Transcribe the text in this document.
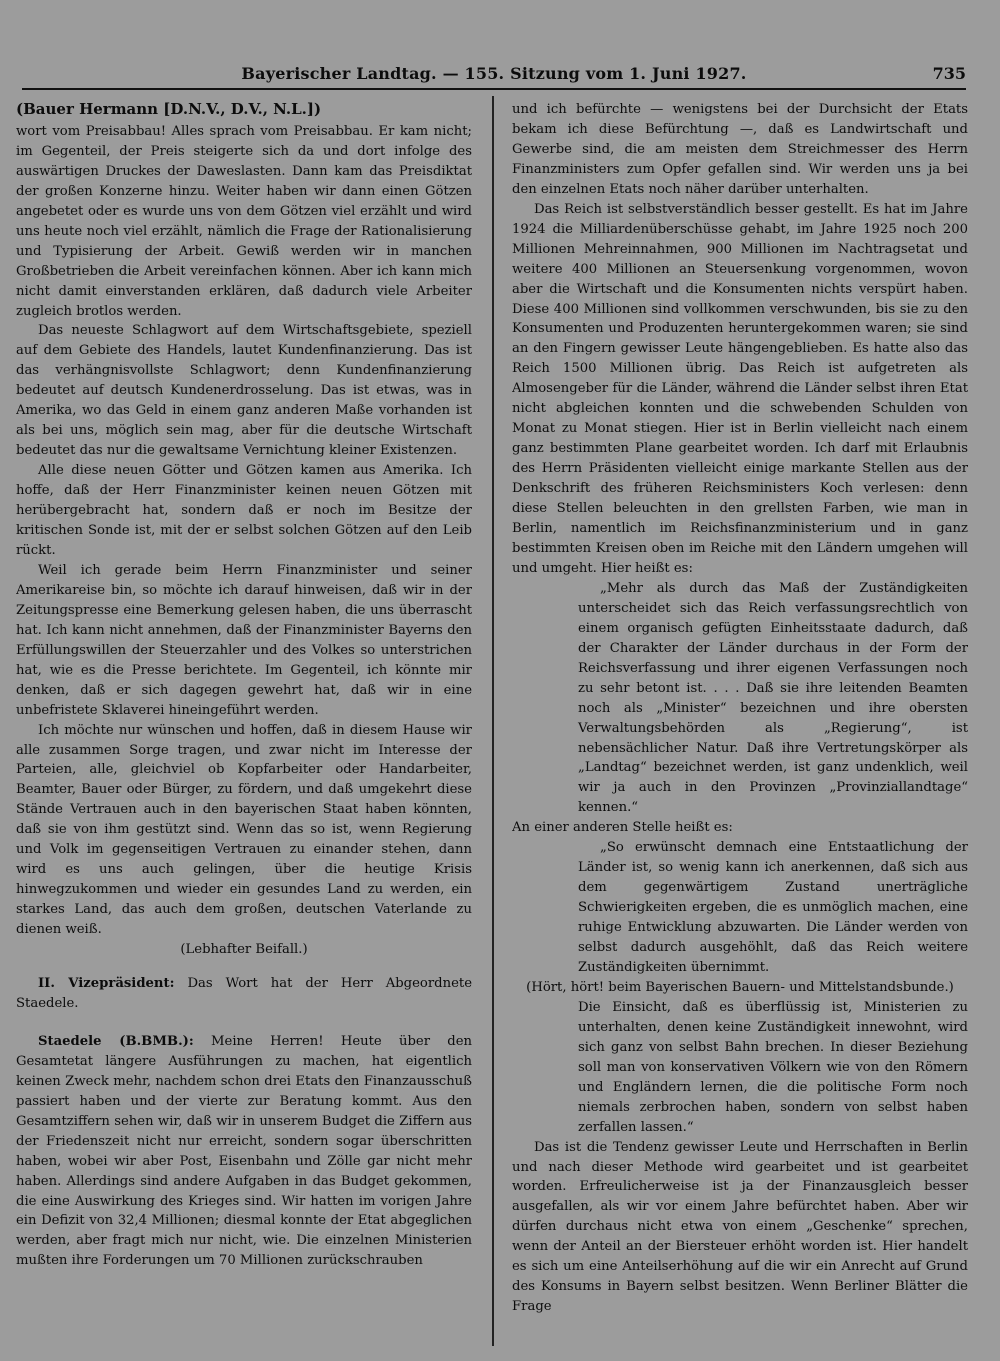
Bayerischer Landtag. — 155. Sitzung vom 1. Juni 1927.	735

(Bauer Hermann [D.N.V., D.V., N.L.])

wort vom Preisabbau! Alles sprach vom Preisabbau. Er kam nicht; im Gegenteil, der Preis steigerte sich da und dort infolge des auswärtigen Druckes der Daweslasten. Dann kam das Preisdiktat der großen Konzerne hinzu. Weiter haben wir dann einen Götzen angebetet oder es wurde uns von dem Götzen viel erzählt und wird uns heute noch viel erzählt, nämlich die Frage der Rationalisierung und Typisierung der Arbeit. Gewiß werden wir in manchen Großbetrieben die Arbeit vereinfachen können. Aber ich kann mich nicht damit einverstanden erklären, daß dadurch viele Arbeiter zugleich brotlos werden.

Das neueste Schlagwort auf dem Wirtschaftsgebiete, speziell auf dem Gebiete des Handels, lautet Kundenfinanzierung. Das ist das verhängnisvollste Schlagwort; denn Kundenfinanzierung bedeutet auf deutsch Kundenerdrosselung. Das ist etwas, was in Amerika, wo das Geld in einem ganz anderen Maße vorhanden ist als bei uns, möglich sein mag, aber für die deutsche Wirtschaft bedeutet das nur die gewaltsame Vernichtung kleiner Existenzen.

Alle diese neuen Götter und Götzen kamen aus Amerika. Ich hoffe, daß der Herr Finanzminister keinen neuen Götzen mit herübergebracht hat, sondern daß er noch im Besitze der kritischen Sonde ist, mit der er selbst solchen Götzen auf den Leib rückt.

Weil ich gerade beim Herrn Finanzminister und seiner Amerikareise bin, so möchte ich darauf hinweisen, daß wir in der Zeitungspresse eine Bemerkung gelesen haben, die uns überrascht hat. Ich kann nicht annehmen, daß der Finanzminister Bayerns den Erfüllungswillen der Steuerzahler und des Volkes so unterstrichen hat, wie es die Presse berichtete. Im Gegenteil, ich könnte mir denken, daß er sich dagegen gewehrt hat, daß wir in eine unbefristete Sklaverei hineingeführt werden.

Ich möchte nur wünschen und hoffen, daß in diesem Hause wir alle zusammen Sorge tragen, und zwar nicht im Interesse der Parteien, alle, gleichviel ob Kopfarbeiter oder Handarbeiter, Beamter, Bauer oder Bürger, zu fördern, und daß umgekehrt diese Stände Vertrauen auch in den bayerischen Staat haben könnten, daß sie von ihm gestützt sind. Wenn das so ist, wenn Regierung und Volk im gegenseitigen Vertrauen zu einander stehen, dann wird es uns auch gelingen, über die heutige Krisis hinwegzukommen und wieder ein gesundes Land zu werden, ein starkes Land, das auch dem großen, deutschen Vaterlande zu dienen weiß.

(Lebhafter Beifall.)

II. Vizepräsident: Das Wort hat der Herr Abgeordnete Staedele.

Staedele (B.BMB.): Meine Herren! Heute über den Gesamtetat längere Ausführungen zu machen, hat eigentlich keinen Zweck mehr, nachdem schon drei Etats den Finanzausschuß passiert haben und der vierte zur Beratung kommt. Aus den Gesamtziffern sehen wir, daß wir in unserem Budget die Ziffern aus der Friedenszeit nicht nur erreicht, sondern sogar überschritten haben, wobei wir aber Post, Eisenbahn und Zölle gar nicht mehr haben. Allerdings sind andere Aufgaben in das Budget gekommen, die eine Auswirkung des Krieges sind. Wir hatten im vorigen Jahre ein Defizit von 32,4 Millionen; diesmal konnte der Etat abgeglichen werden, aber fragt mich nur nicht, wie. Die einzelnen Ministerien mußten ihre Forderungen um 70 Millionen zurückschrauben

und ich befürchte — wenigstens bei der Durchsicht der Etats bekam ich diese Befürchtung —, daß es Landwirtschaft und Gewerbe sind, die am meisten dem Streichmesser des Herrn Finanzministers zum Opfer gefallen sind. Wir werden uns ja bei den einzelnen Etats noch näher darüber unterhalten.

Das Reich ist selbstverständlich besser gestellt. Es hat im Jahre 1924 die Milliardenüberschüsse gehabt, im Jahre 1925 noch 200 Millionen Mehreinnahmen, 900 Millionen im Nachtragsetat und weitere 400 Millionen an Steuersenkung vorgenommen, wovon aber die Wirtschaft und die Konsumenten nichts verspürt haben. Diese 400 Millionen sind vollkommen verschwunden, bis sie zu den Konsumenten und Produzenten heruntergekommen waren; sie sind an den Fingern gewisser Leute hängengeblieben. Es hatte also das Reich 1500 Millionen übrig. Das Reich ist aufgetreten als Almosengeber für die Länder, während die Länder selbst ihren Etat nicht abgleichen konnten und die schwebenden Schulden von Monat zu Monat stiegen. Hier ist in Berlin vielleicht nach einem ganz bestimmten Plane gearbeitet worden. Ich darf mit Erlaubnis des Herrn Präsidenten vielleicht einige markante Stellen aus der Denkschrift des früheren Reichsministers Koch verlesen: denn diese Stellen beleuchten in den grellsten Farben, wie man in Berlin, namentlich im Reichsfinanzministerium und in ganz bestimmten Kreisen oben im Reiche mit den Ländern umgehen will und umgeht. Hier heißt es:

„Mehr als durch das Maß der Zuständigkeiten unterscheidet sich das Reich verfassungsrechtlich von einem organisch gefügten Einheitsstaate dadurch, daß der Charakter der Länder durchaus in der Form der Reichsverfassung und ihrer eigenen Verfassungen noch zu sehr betont ist. . . . Daß sie ihre leitenden Beamten noch als „Minister“ bezeichnen und ihre obersten Verwaltungsbehörden als „Regierung“, ist nebensächlicher Natur. Daß ihre Vertretungskörper als „Landtag“ bezeichnet werden, ist ganz undenklich, weil wir ja auch in den Provinzen „Provinziallandtage“ kennen.“

An einer anderen Stelle heißt es:

„So erwünscht demnach eine Entstaatlichung der Länder ist, so wenig kann ich anerkennen, daß sich aus dem gegenwärtigem Zustand unerträgliche Schwierigkeiten ergeben, die es unmöglich machen, eine ruhige Entwicklung abzuwarten. Die Länder werden von selbst dadurch ausgehöhlt, daß das Reich weitere Zuständigkeiten übernimmt.

(Hört, hört! beim Bayerischen Bauern- und Mittelstandsbunde.)

Die Einsicht, daß es überflüssig ist, Ministerien zu unterhalten, denen keine Zuständigkeit innewohnt, wird sich ganz von selbst Bahn brechen. In dieser Beziehung soll man von konservativen Völkern wie von den Römern und Engländern lernen, die die politische Form noch niemals zerbrochen haben, sondern von selbst haben zerfallen lassen.“

Das ist die Tendenz gewisser Leute und Herrschaften in Berlin und nach dieser Methode wird gearbeitet und ist gearbeitet worden. Erfreulicherweise ist ja der Finanzausgleich besser ausgefallen, als wir vor einem Jahre befürchtet haben. Aber wir dürfen durchaus nicht etwa von einem „Geschenke“ sprechen, wenn der Anteil an der Biersteuer erhöht worden ist. Hier handelt es sich um eine Anteilserhöhung auf die wir ein Anrecht auf Grund des Konsums in Bayern selbst besitzen. Wenn Berliner Blätter die Frage
